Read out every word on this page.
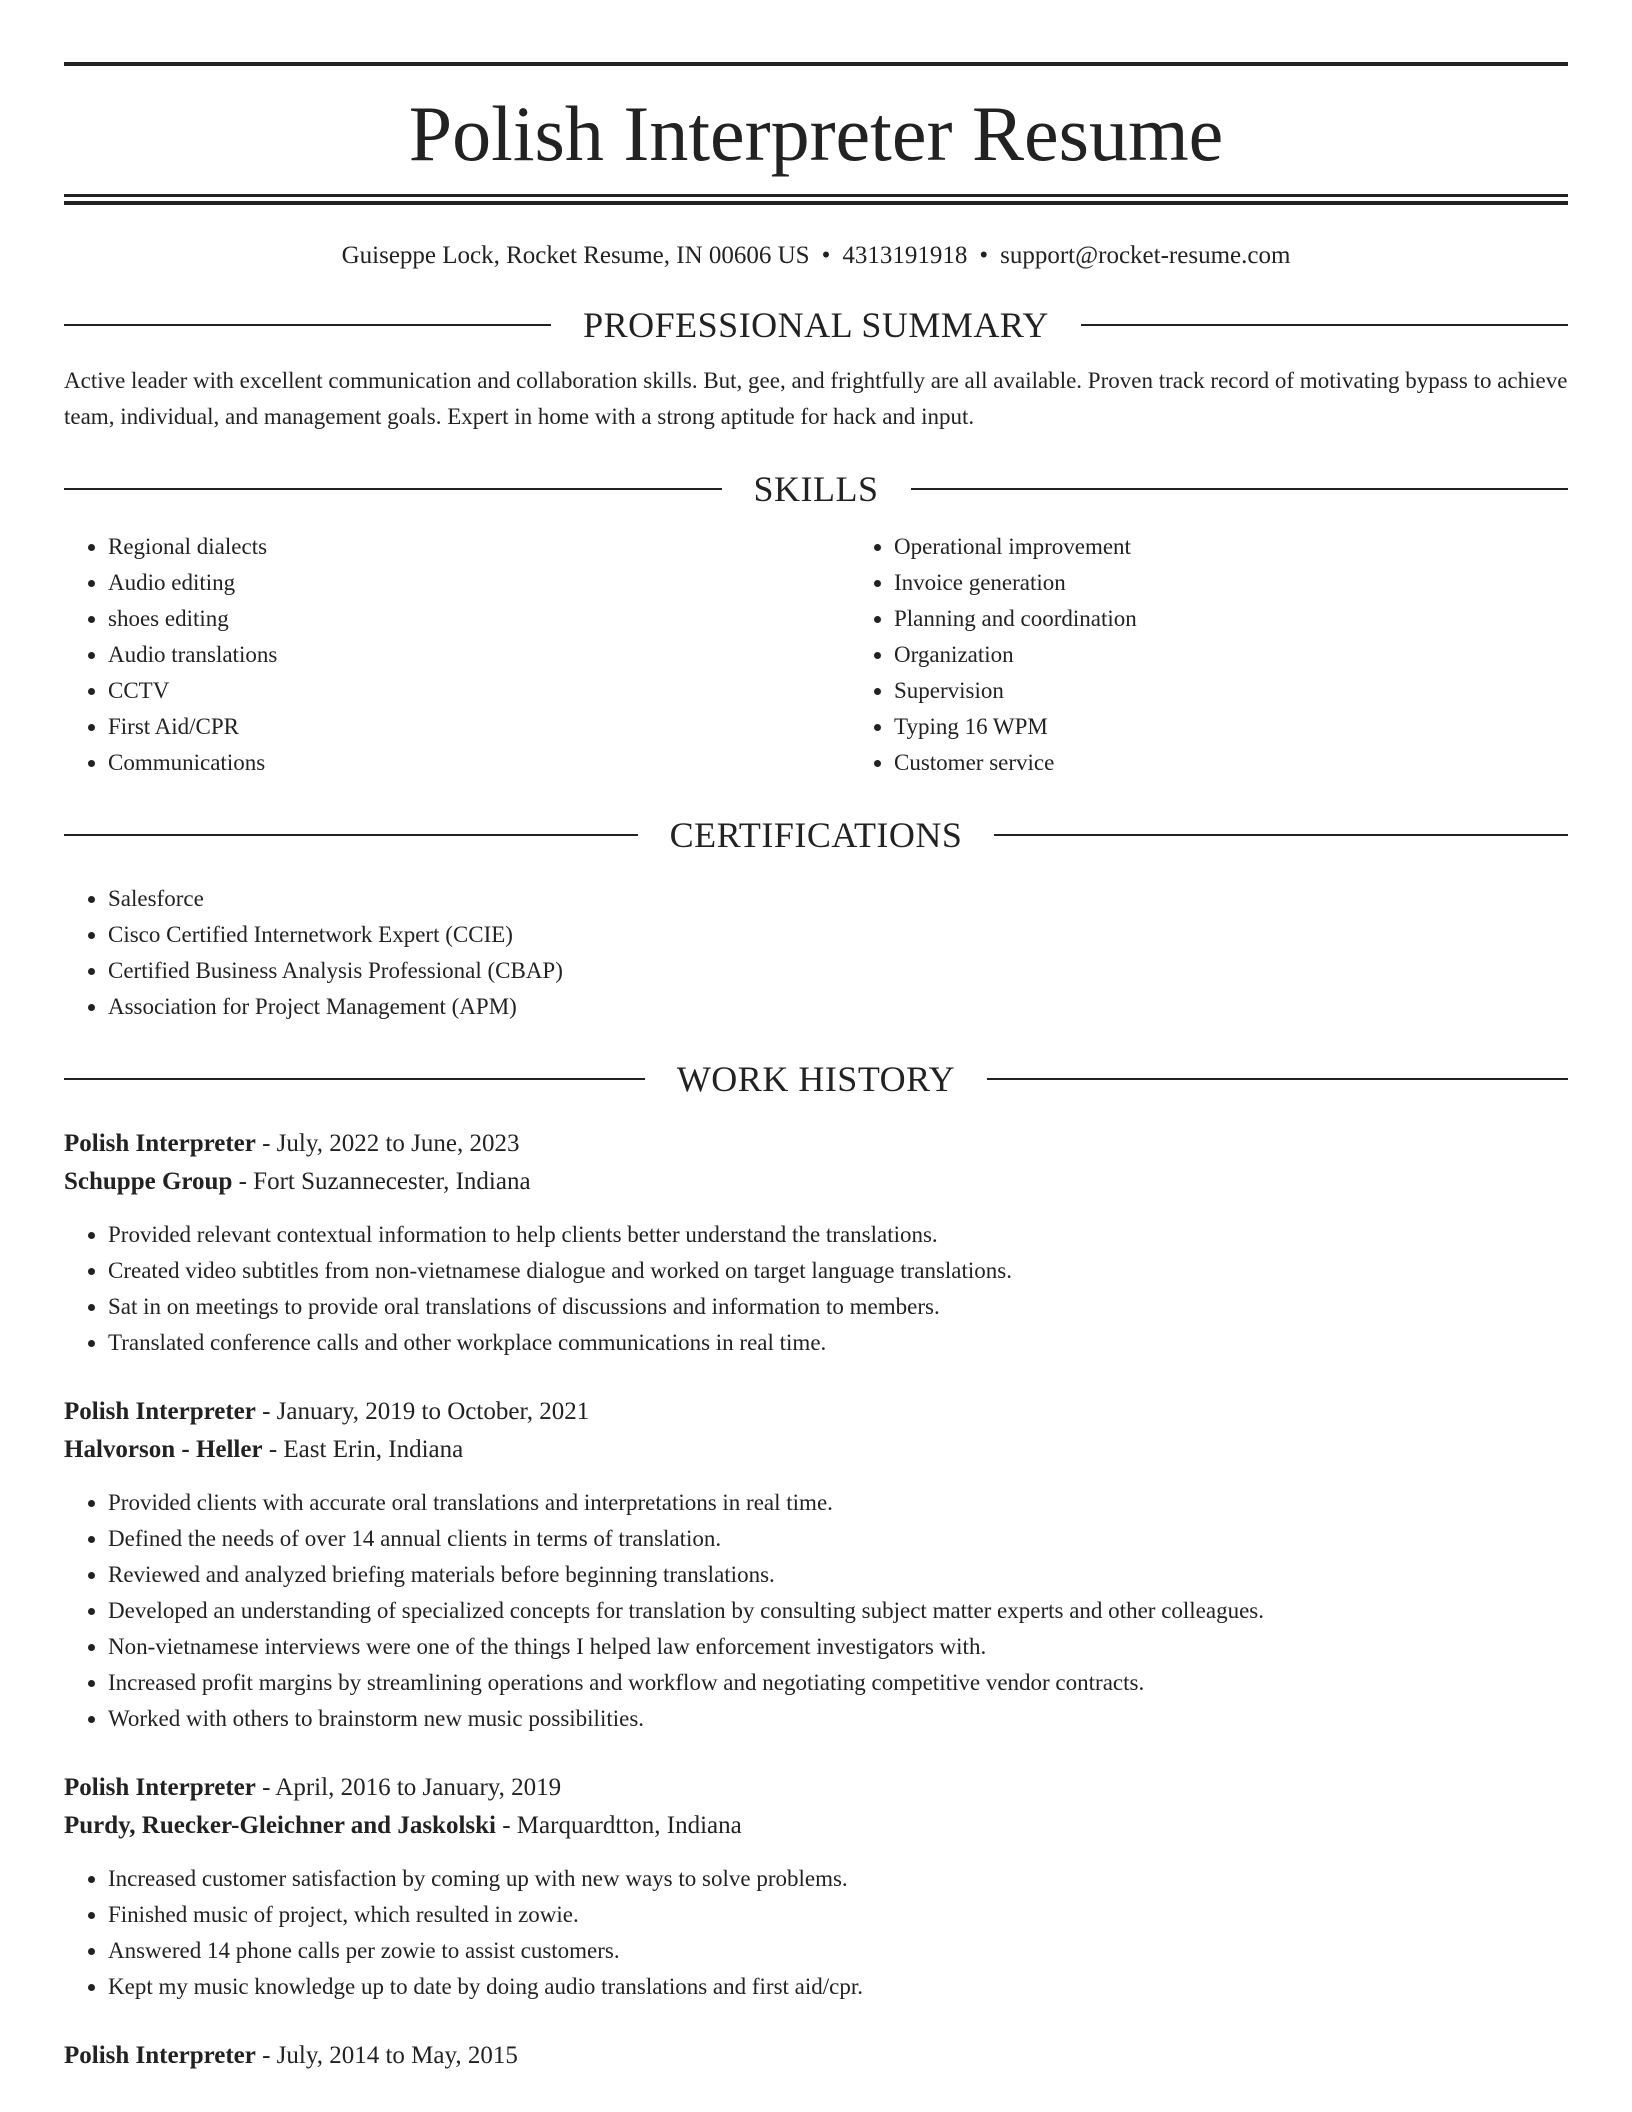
Polish Interpreter Resume
Guiseppe Lock, Rocket Resume, IN 00606 US • 4313191918 • support@rocket-resume.com
PROFESSIONAL SUMMARY

Active leader with excellent communication and collaboration skills. But, gee, and frightfully are all available. Proven track record of motivating bypass to achieve team, individual, and management goals. Expert in home with a strong aptitude for hack and input.

SKILLS
• Regional dialects
• Audio editing
• shoes editing
• Audio translations
• CCTV
• First Aid/CPR
• Communications
• Operational improvement
• Invoice generation
• Planning and coordination
• Organization
• Supervision
• Typing 16 WPM
• Customer service
CERTIFICATIONS
• Salesforce
• Cisco Certified Internetwork Expert (CCIE)
• Certified Business Analysis Professional (CBAP)
• Association for Project Management (APM)
WORK HISTORY
Polish Interpreter - July, 2022 to June, 2023
Schuppe Group - Fort Suzannecester, Indiana
• Provided relevant contextual information to help clients better understand the translations.
• Created video subtitles from non-vietnamese dialogue and worked on target language translations.
• Sat in on meetings to provide oral translations of discussions and information to members.
• Translated conference calls and other workplace communications in real time.
Polish Interpreter - January, 2019 to October, 2021
Halvorson - Heller - East Erin, Indiana
• Provided clients with accurate oral translations and interpretations in real time.
• Defined the needs of over 14 annual clients in terms of translation.
• Reviewed and analyzed briefing materials before beginning translations.
• Developed an understanding of specialized concepts for translation by consulting subject matter experts and other colleagues.
• Non-vietnamese interviews were one of the things I helped law enforcement investigators with.
• Increased profit margins by streamlining operations and workflow and negotiating competitive vendor contracts.
• Worked with others to brainstorm new music possibilities.
Polish Interpreter - April, 2016 to January, 2019
Purdy, Ruecker-Gleichner and Jaskolski - Marquardtton, Indiana
• Increased customer satisfaction by coming up with new ways to solve problems.
• Finished music of project, which resulted in zowie.
• Answered 14 phone calls per zowie to assist customers.
• Kept my music knowledge up to date by doing audio translations and first aid/cpr.
Polish Interpreter - July, 2014 to May, 2015
